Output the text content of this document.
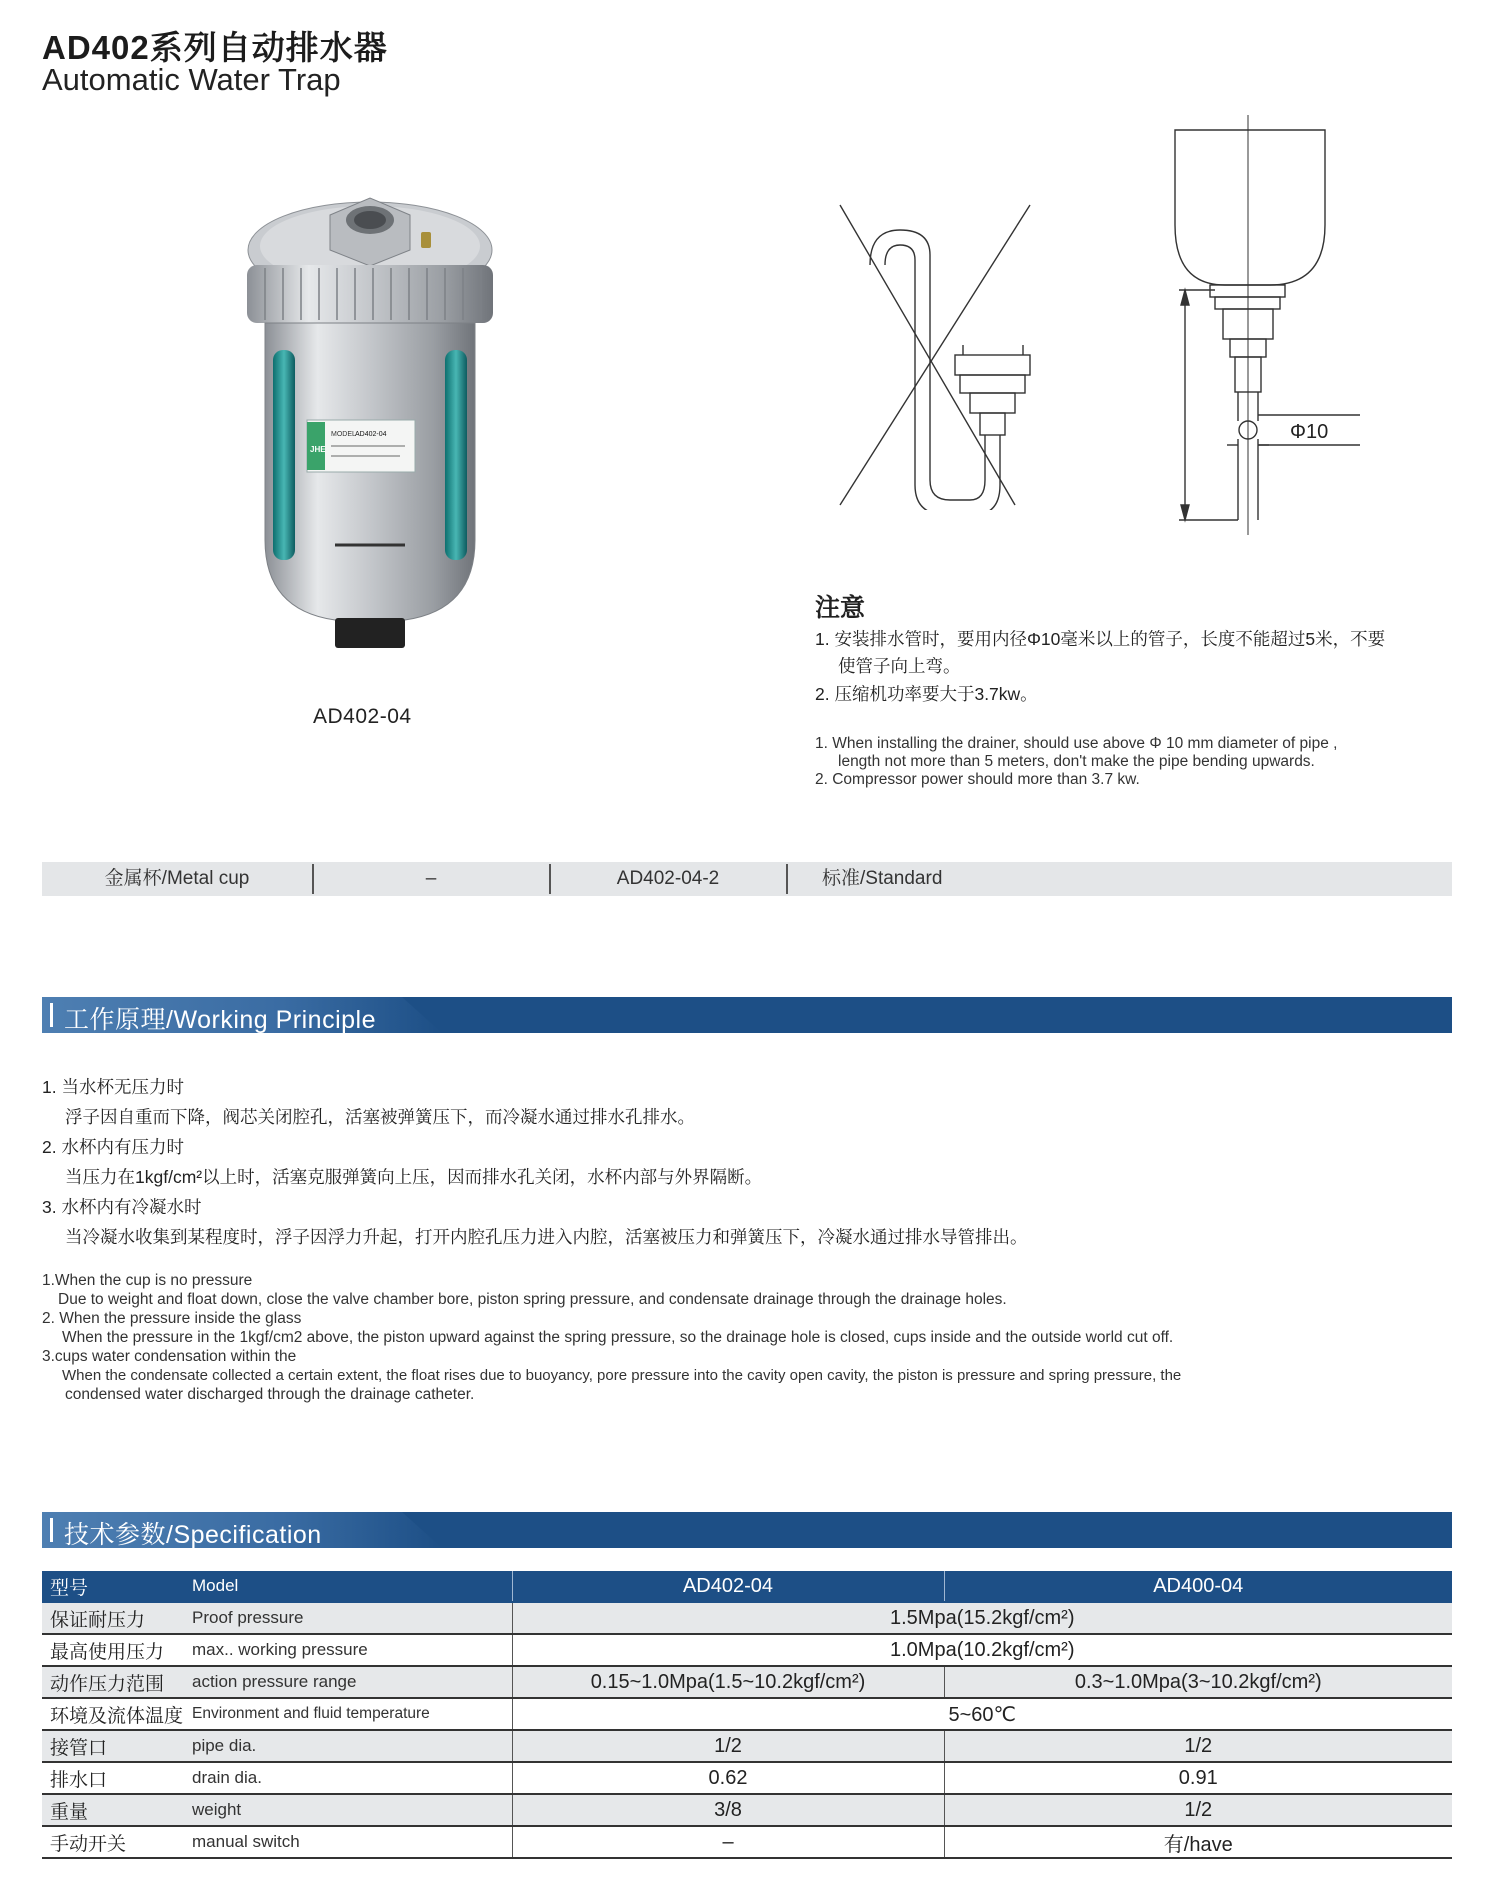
AD402系列自动排水器
Automatic Water Trap
MODEL AD402-04
JHE
AD402-04
Φ10
注意
1. 安装排水管时，要用内径Φ10毫米以上的管子，长度不能超过5米，不要
使管子向上弯。
2. 压缩机功率要大于3.7kw。
1. When installing the drainer, should use above Φ 10 mm diameter of pipe ,
length not more than 5 meters, don't make the pipe bending upwards.
2. Compressor power should more than 3.7 kw.
金属杯/Metal cup	–	AD402-04-2	标准/Standard
工作原理/Working Principle
1. 当水杯无压力时
浮子因自重而下降，阀芯关闭腔孔，活塞被弹簧压下，而冷凝水通过排水孔排水。
2. 水杯内有压力时
当压力在1kgf/cm²以上时，活塞克服弹簧向上压，因而排水孔关闭，水杯内部与外界隔断。
3. 水杯内有冷凝水时
当冷凝水收集到某程度时，浮子因浮力升起，打开内腔孔压力进入内腔，活塞被压力和弹簧压下，冷凝水通过排水导管排出。
1.When the cup is no pressure
Due to weight and float down, close the valve chamber bore, piston spring pressure, and condensate drainage through the drainage holes.
2. When the pressure inside the glass
When the pressure in the 1kgf/cm2 above, the piston upward against the spring pressure, so the drainage hole is closed, cups inside and the outside world cut off.
3.cups water condensation within the
When the condensate collected a certain extent, the float rises due to buoyancy, pore pressure into the cavity open cavity, the piston is pressure and spring pressure, the
condensed water discharged through the drainage catheter.
技术参数/Specification
型号	Model	AD402-04	AD400-04
保证耐压力	Proof pressure	1.5Mpa(15.2kgf/cm²)	
最高使用压力	max.. working pressure	1.0Mpa(10.2kgf/cm²)	
动作压力范围	action pressure range	0.15~1.0Mpa(1.5~10.2kgf/cm²)	0.3~1.0Mpa(3~10.2kgf/cm²)
环境及流体温度	Environment and fluid temperature	5~60℃	
接管口	pipe dia.	1/2	1/2
排水口	drain dia.	0.62	0.91
重量	weight	3/8	1/2
手动开关	manual switch	–	有/have
